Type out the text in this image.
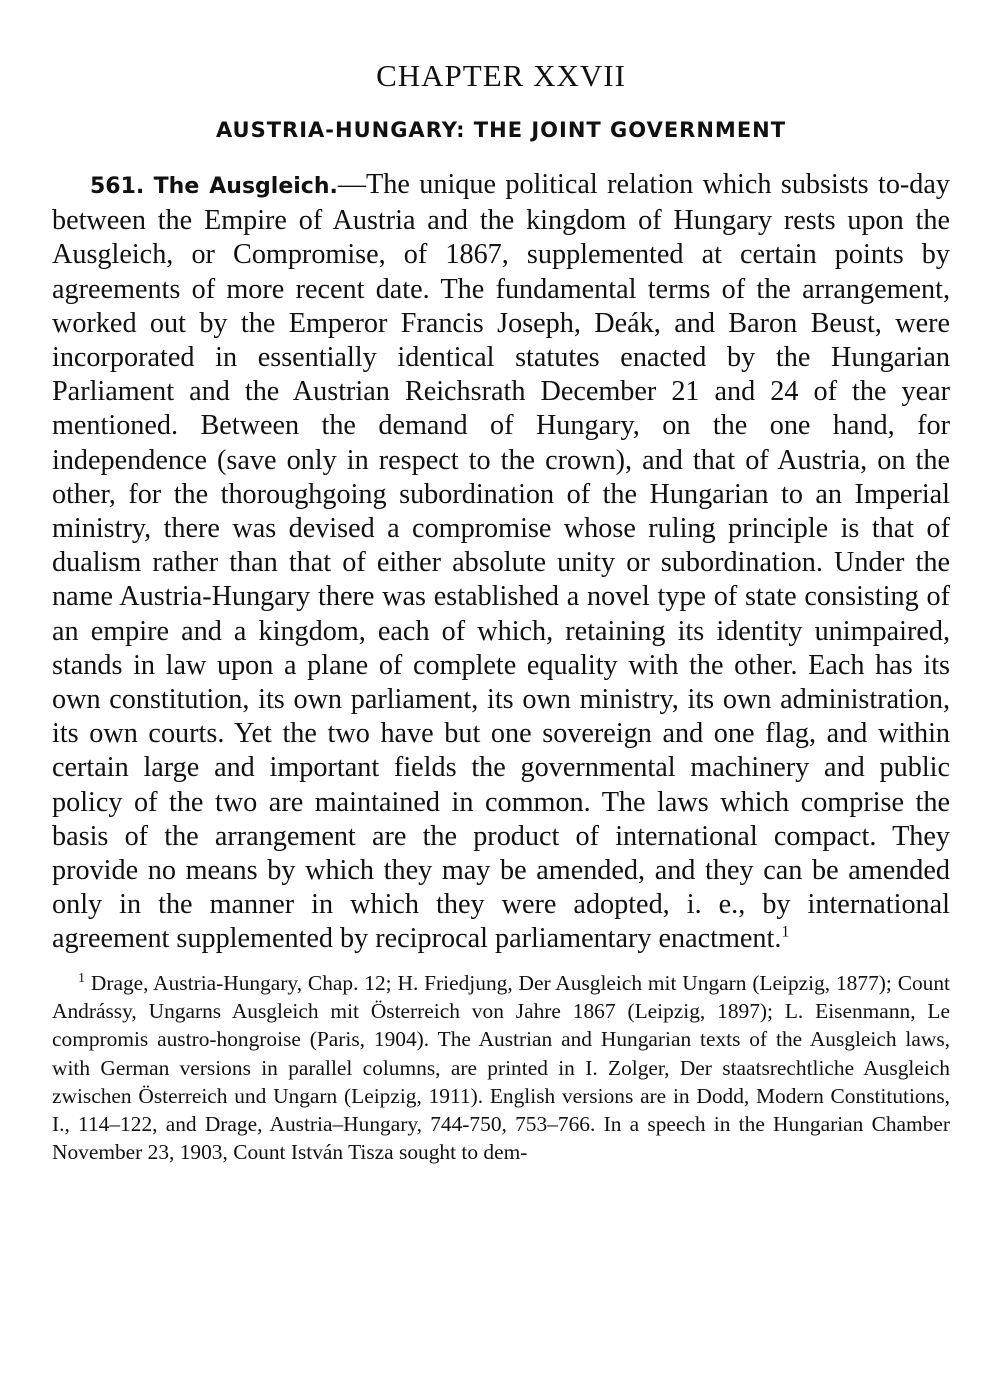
CHAPTER XXVII
AUSTRIA-HUNGARY: THE JOINT GOVERNMENT

561. The Ausgleich.—The unique political relation which subsists to-day between the Empire of Austria and the kingdom of Hungary rests upon the Ausgleich, or Compromise, of 1867, supplemented at certain points by agreements of more recent date. The fundamental terms of the arrangement, worked out by the Emperor Francis Joseph, Deák, and Baron Beust, were incorporated in essentially identical statutes enacted by the Hungarian Parliament and the Austrian Reichsrath December 21 and 24 of the year mentioned. Between the demand of Hungary, on the one hand, for independence (save only in respect to the crown), and that of Austria, on the other, for the thoroughgoing subordination of the Hungarian to an Imperial ministry, there was devised a compromise whose ruling principle is that of dualism rather than that of either absolute unity or subordination. Under the name Austria-Hungary there was established a novel type of state consisting of an empire and a kingdom, each of which, retaining its identity unimpaired, stands in law upon a plane of complete equality with the other. Each has its own constitution, its own parliament, its own ministry, its own administration, its own courts. Yet the two have but one sovereign and one flag, and within certain large and important fields the governmental machinery and public policy of the two are maintained in common. The laws which comprise the basis of the arrangement are the product of international compact. They provide no means by which they may be amended, and they can be amended only in the manner in which they were adopted, i. e., by international agreement supplemented by reciprocal parliamentary enactment.$^1$

$^1$ Drage, Austria-Hungary, Chap. 12; H. Friedjung, Der Ausgleich mit Ungarn (Leipzig, 1877); Count Andrássy, Ungarns Ausgleich mit Österreich von Jahre 1867 (Leipzig, 1897); L. Eisenmann, Le compromis austro-hongroise (Paris, 1904). The Austrian and Hungarian texts of the Ausgleich laws, with German versions in parallel columns, are printed in I. Zolger, Der staatsrechtliche Ausgleich zwischen Österreich und Ungarn (Leipzig, 1911). English versions are in Dodd, Modern Constitutions, I., 114–122, and Drage, Austria–Hungary, 744-750, 753–766. In a speech in the Hungarian Chamber November 23, 1903, Count István Tisza sought to dem-
